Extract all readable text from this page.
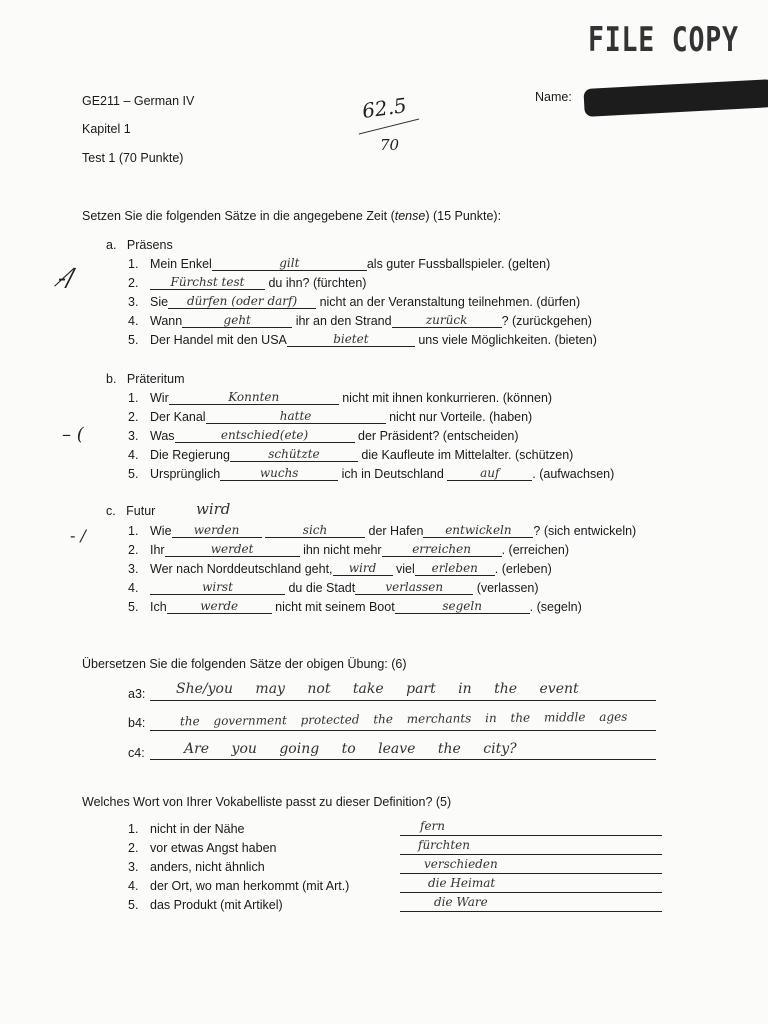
FILE COPY
GE211 – German IV
Kapitel 1
Test 1 (70 Punkte)
Name:
62.5
70
Setzen Sie die folgenden Sätze in die angegebene Zeit (tense) (15 Punkte):
a. Präsens
-/̸	1. Mein Enkel	gilt	als guter Fussballspieler. (gelten)
2.	Fürchst test
	du ihn? (fürchten)
3. Sie	dürfen (oder darf)
	nicht an der Veranstaltung teilnehmen. (dürfen)
4. Wann	geht
	ihr an den Strand	zurück	? (zurückgehen)
5. Der Handel mit den USA	bietet
	uns viele Möglichkeiten. (bieten)
b. Präteritum
– (
1. Wir	Konnten
	nicht mit ihnen konkurrieren. (können)
2. Der Kanal	hatte
	nicht nur Vorteile. (haben)
3. Was	entschied(ete)
	der Präsident? (entscheiden)
4. Die Regierung	schützte
	die Kaufleute im Mittelalter. (schützen)
5. Ursprünglich	wuchs
	ich in Deutschland
	auf	. (aufwachsen)
c. Futur	wird
- /	1. Wie	werden
	sich
	der Hafen	entwickeln	? (sich entwickeln)
2. Ihr	werdet
	ihn nicht mehr	erreichen	. (erreichen)
3. Wer nach Norddeutschland geht,	wird
	viel	erleben	. (erleben)
4.	wirst
	du die Stadt	verlassen
	(verlassen)
5. Ich	werde
	nicht mit seinem Boot	segeln	. (segeln)
Übersetzen Sie die folgenden Sätze der obigen Übung: (6)
a3: She/you may not take part in the event
b4:	the government protected the merchants in the middle ages
c4:	Are you going to leave the city?
Welches Wort von Ihrer Vokabelliste passt zu dieser Definition? (5)
1. nicht in der Nähe	fern
2. vor etwas Angst haben	fürchten
3. anders, nicht ähnlich	verschieden
4. der Ort, wo man herkommt (mit Art.)	die Heimat
5. das Produkt (mit Artikel)	die Ware
